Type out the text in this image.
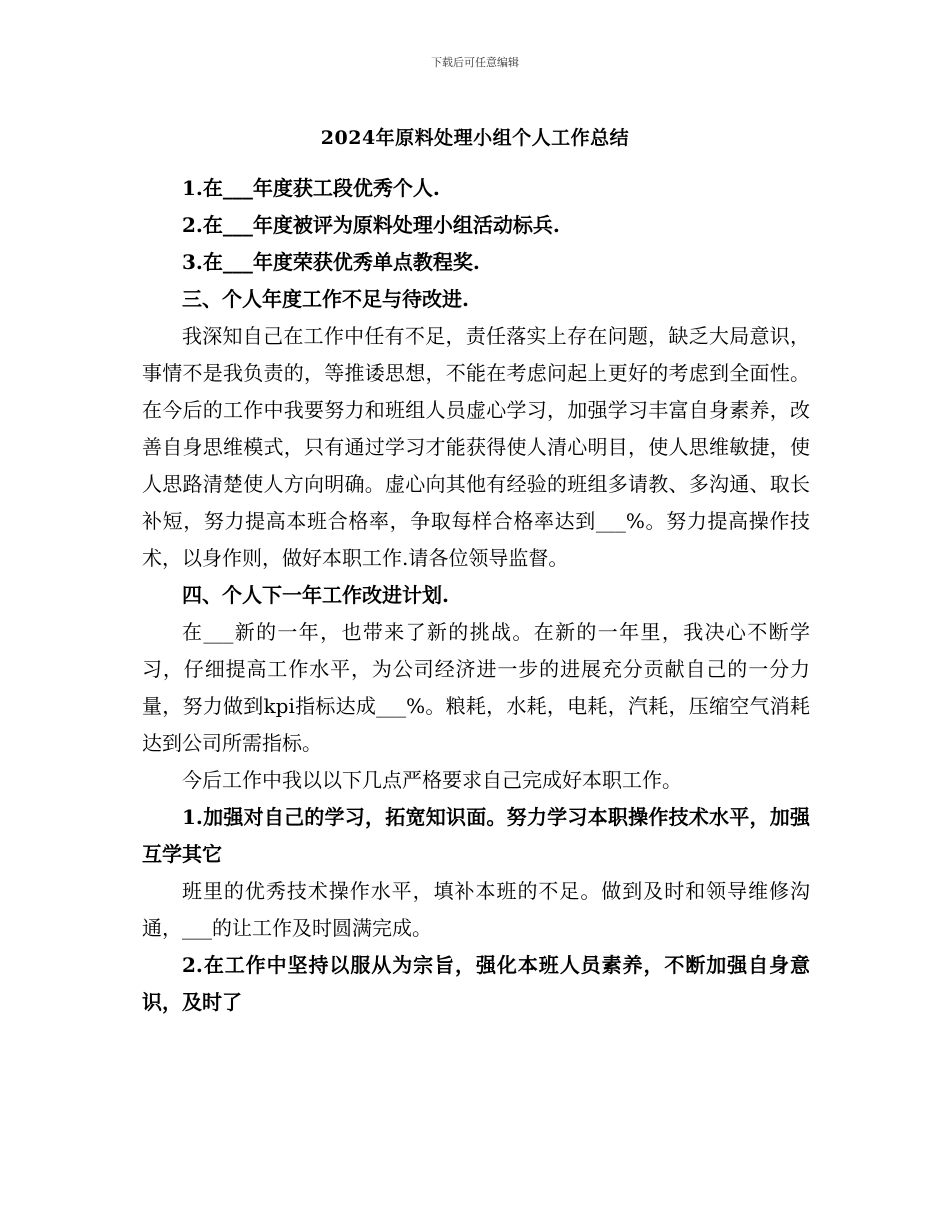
下载后可任意编辑
2024年原料处理小组个人工作总结

1.在___年度获工段优秀个人.

2.在___年度被评为原料处理小组活动标兵.

3.在___年度荣获优秀单点教程奖.

三、个人年度工作不足与待改进.

我深知自己在工作中任有不足，责任落实上存在问题，缺乏大局意识，事情不是我负责的，等推诿思想，不能在考虑问起上更好的考虑到全面性。在今后的工作中我要努力和班组人员虚心学习，加强学习丰富自身素养，改善自身思维模式，只有通过学习才能获得使人清心明目，使人思维敏捷，使人思路清楚使人方向明确。虚心向其他有经验的班组多请教、多沟通、取长补短，努力提高本班合格率，争取每样合格率达到___%。努力提高操作技术，以身作则，做好本职工作.请各位领导监督。

四、个人下一年工作改进计划.

在___新的一年，也带来了新的挑战。在新的一年里，我决心不断学习，仔细提高工作水平，为公司经济进一步的进展充分贡献自己的一分力量，努力做到kpi指标达成___%。粮耗，水耗，电耗，汽耗，压缩空气消耗达到公司所需指标。

今后工作中我以以下几点严格要求自己完成好本职工作。

1.加强对自己的学习，拓宽知识面。努力学习本职操作技术水平，加强互学其它

班里的优秀技术操作水平，填补本班的不足。做到及时和领导维修沟通，___的让工作及时圆满完成。

2.在工作中坚持以服从为宗旨，强化本班人员素养，不断加强自身意识，及时了
